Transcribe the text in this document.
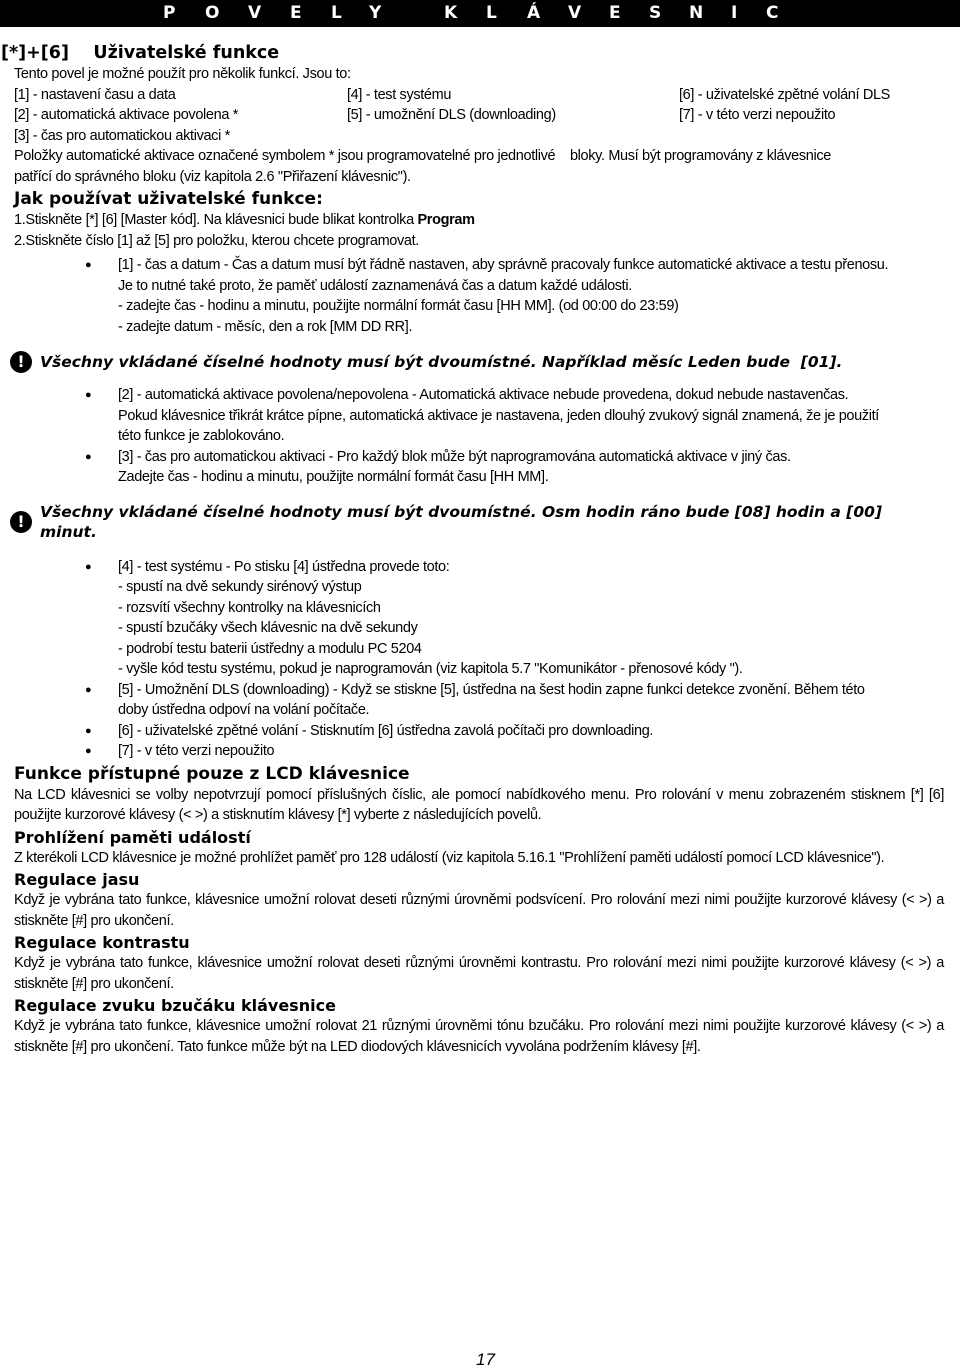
P O V E L Y	K L Á V E S N I C
[*]+[6]    Uživatelské funkce
Tento povel je možné použít pro několik funkcí. Jsou to:
[1] - nastavení času a data	[4] - test systému	[6] - uživatelské zpětné volání DLS
[2] - automatická aktivace povolena *	[5] - umožnění DLS (downloading)	[7] - v této verzi nepoužito
[3] - čas pro automatickou aktivaci *
Položky automatické aktivace označené symbolem * jsou programovatelné pro jednotlivé    bloky. Musí být programovány z klávesnice
patřící do správného bloku (viz kapitola 2.6 "Přiřazení klávesnic").
Jak používat uživatelské funkce:
1.Stiskněte [*] [6] [Master kód]. Na klávesnici bude blikat kontrolka Program
2.Stiskněte číslo [1] až [5] pro položku, kterou chcete programovat.
●	[1] - čas a datum - Čas a datum musí být řádně nastaven, aby správně pracovaly funkce automatické aktivace a testu přenosu.
Je to nutné také proto, že paměť událostí zaznamenává čas a datum každé události.
- zadejte čas - hodinu a minutu, použijte normální formát času [HH MM]. (od 00:00 do 23:59)
- zadejte datum - měsíc, den a rok [MM DD RR].
! Všechny vkládané číselné hodnoty musí být dvoumístné. Například měsíc Leden bude  [01].
●	[2] - automatická aktivace povolena/nepovolena - Automatická aktivace nebude provedena, dokud nebude nastavenčas.
Pokud klávesnice třikrát krátce pípne, automatická aktivace je nastavena, jeden dlouhý zvukový signál znamená, že je použití
této funkce je zablokováno.
●	[3] - čas pro automatickou aktivaci - Pro každý blok může být naprogramována automatická aktivace v jiný čas.
Zadejte čas - hodinu a minutu, použijte normální formát času [HH MM].
!
Všechny vkládané číselné hodnoty musí být dvoumístné. Osm hodin ráno bude [08] hodin a [00] minut.
●	[4] - test systému - Po stisku [4] ústředna provede toto:
- spustí na dvě sekundy sirénový výstup
- rozsvítí všechny kontrolky na klávesnicích
- spustí bzučáky všech klávesnic na dvě sekundy
- podrobí testu baterii ústředny a modulu PC 5204
- vyšle kód testu systému, pokud je naprogramován (viz kapitola 5.7 "Komunikátor - přenosové kódy ").
●	[5] - Umožnění DLS (downloading) - Když se stiskne [5], ústředna na šest hodin zapne funkci detekce zvonění. Během této
doby ústředna odpoví na volání počítače.
●	[6] - uživatelské zpětné volání - Stisknutím [6] ústředna zavolá počítači pro downloading.
●	[7] - v této verzi nepoužito
Funkce přístupné pouze z LCD klávesnice
Na LCD klávesnici se volby nepotvrzují pomocí příslušných číslic, ale pomocí nabídkového menu. Pro rolování v menu zobrazeném stisknem [*] [6] použijte kurzorové klávesy (< >) a stisknutím klávesy [*] vyberte z následujících povelů.
Prohlížení paměti událostí
Z kterékoli LCD klávesnice je možné prohlížet paměť pro 128 událostí (viz kapitola 5.16.1 "Prohlížení paměti událostí pomocí LCD klávesnice").
Regulace jasu
Když je vybrána tato funkce, klávesnice umožní rolovat deseti různými úrovněmi podsvícení. Pro rolování mezi nimi použijte kurzorové klávesy (< >) a stiskněte [#] pro ukončení.
Regulace kontrastu
Když je vybrána tato funkce, klávesnice umožní rolovat deseti různými úrovněmi kontrastu. Pro rolování mezi nimi použijte kurzorové klávesy (< >) a stiskněte [#] pro ukončení.
Regulace zvuku bzučáku klávesnice
Když je vybrána tato funkce, klávesnice umožní rolovat 21 různými úrovněmi tónu bzučáku. Pro rolování mezi nimi použijte kurzorové klávesy (< >) a stiskněte [#] pro ukončení. Tato funkce může být na LED diodových klávesnicích vyvolána podržením klávesy [#].
17
